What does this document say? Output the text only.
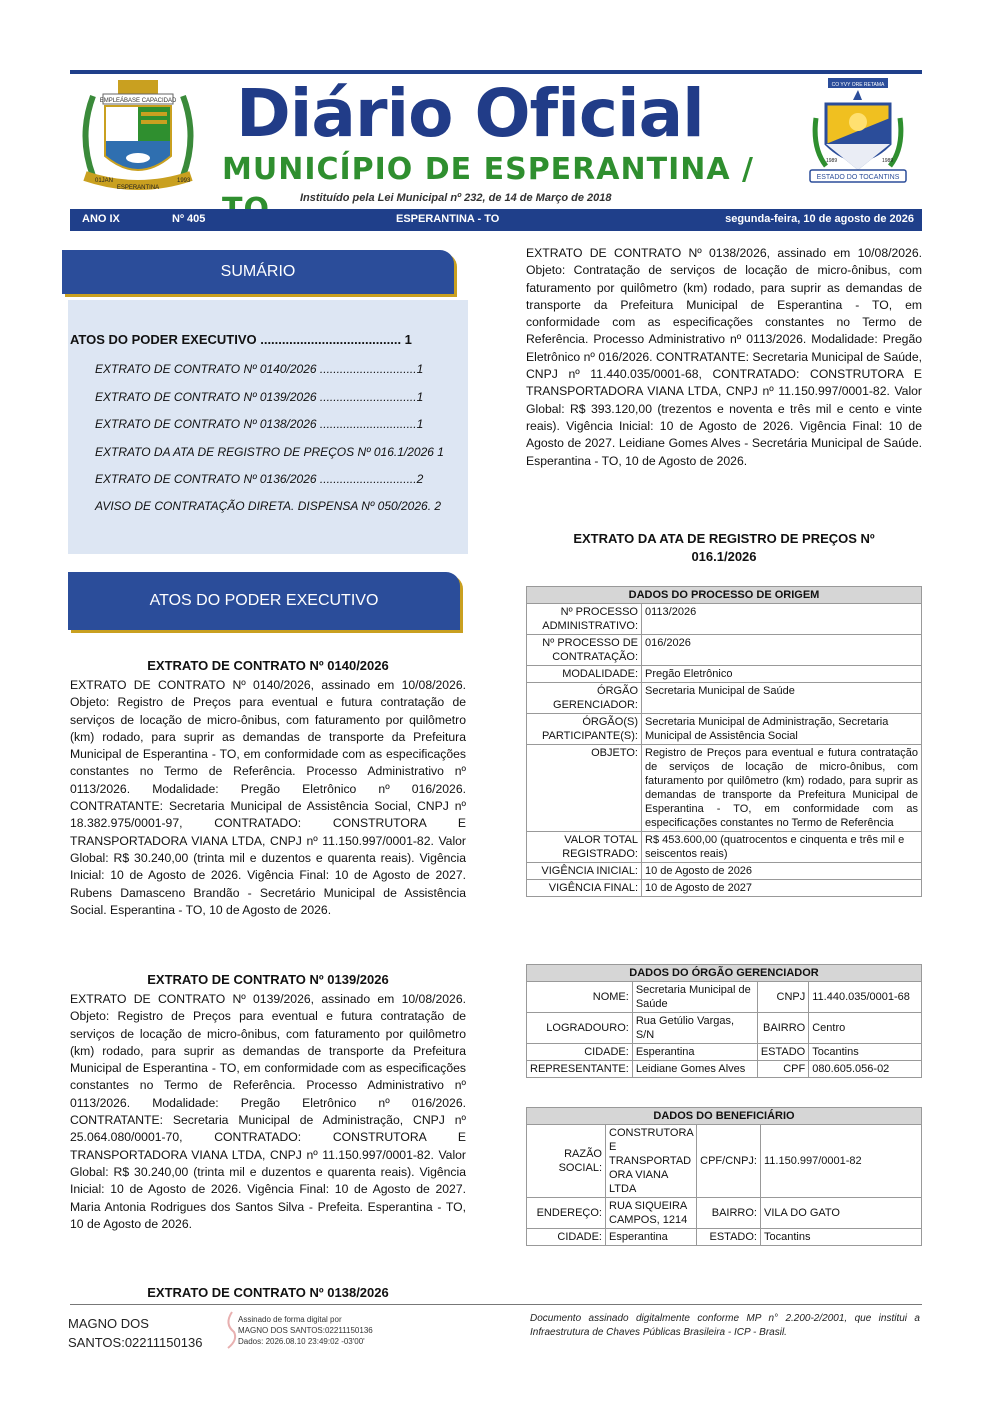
EMPLEÁBASE CAPACIDAD
01JAN
ESPERANTINA
1993
Diário Oficial
MUNICÍPIO DE ESPERANTINA /
Instituído pela Lei Municipal nº 232, de 14 de Março de 2018
CO YVY ORE RETAMA
1989	1989
ESTADO DO TOCANTINS
ANO IX	Nº 405	ESPERANTINA - TO	segunda-feira, 10 de agosto de 2026
SUMÁRIO
ATOS DO PODER EXECUTIVO ....................................... 1
EXTRATO DE CONTRATO Nº 0140/2026 .............................1
EXTRATO DE CONTRATO Nº 0139/2026 .............................1
EXTRATO DE CONTRATO Nº 0138/2026 .............................1
EXTRATO DA ATA DE REGISTRO DE PREÇOS Nº 016.1/2026 1
EXTRATO DE CONTRATO Nº 0136/2026 .............................2
AVISO DE CONTRATAÇÃO DIRETA. DISPENSA Nº 050/2026. 2
ATOS DO PODER EXECUTIVO
EXTRATO DE CONTRATO Nº 0140/2026
EXTRATO DE CONTRATO Nº 0140/2026, assinado em 10/08/2026. Objeto: Registro de Preços para eventual e futura contratação de serviços de locação de micro-ônibus, com faturamento por quilômetro (km) rodado, para suprir as demandas de transporte da Prefeitura Municipal de Esperantina - TO, em conformidade com as especificações constantes no Termo de Referência. Processo Administrativo nº 0113/2026. Modalidade: Pregão Eletrônico nº 016/2026. CONTRATANTE: Secretaria Municipal de Assistência Social, CNPJ nº 18.382.975/0001-97, CONTRATADO: CONSTRUTORA E TRANSPORTADORA VIANA LTDA, CNPJ nº 11.150.997/0001-82. Valor Global: R$ 30.240,00 (trinta mil e duzentos e quarenta reais). Vigência Inicial: 10 de Agosto de 2026. Vigência Final: 10 de Agosto de 2027. Rubens Damasceno Brandão - Secretário Municipal de Assistência Social. Esperantina - TO, 10 de Agosto de 2026.
EXTRATO DE CONTRATO Nº 0139/2026
EXTRATO DE CONTRATO Nº 0139/2026, assinado em 10/08/2026. Objeto: Registro de Preços para eventual e futura contratação de serviços de locação de micro-ônibus, com faturamento por quilômetro (km) rodado, para suprir as demandas de transporte da Prefeitura Municipal de Esperantina - TO, em conformidade com as especificações constantes no Termo de Referência. Processo Administrativo nº 0113/2026. Modalidade: Pregão Eletrônico nº 016/2026. CONTRATANTE: Secretaria Municipal de Administração, CNPJ nº 25.064.080/0001-70, CONTRATADO: CONSTRUTORA E TRANSPORTADORA VIANA LTDA, CNPJ nº 11.150.997/0001-82. Valor Global: R$ 30.240,00 (trinta mil e duzentos e quarenta reais). Vigência Inicial: 10 de Agosto de 2026. Vigência Final: 10 de Agosto de 2027. Maria Antonia Rodrigues dos Santos Silva - Prefeita. Esperantina - TO, 10 de Agosto de 2026.
EXTRATO DE CONTRATO Nº 0138/2026
EXTRATO DE CONTRATO Nº 0138/2026, assinado em 10/08/2026. Objeto: Contratação de serviços de locação de micro-ônibus, com faturamento por quilômetro (km) rodado, para suprir as demandas de transporte da Prefeitura Municipal de Esperantina - TO, em conformidade com as especificações constantes no Termo de Referência. Processo Administrativo nº 0113/2026. Modalidade: Pregão Eletrônico nº 016/2026. CONTRATANTE: Secretaria Municipal de Saúde, CNPJ nº 11.440.035/0001-68, CONTRATADO: CONSTRUTORA E TRANSPORTADORA VIANA LTDA, CNPJ nº 11.150.997/0001-82. Valor Global: R$ 393.120,00 (trezentos e noventa e três mil e cento e vinte reais). Vigência Inicial: 10 de Agosto de 2026. Vigência Final: 10 de Agosto de 2027. Leidiane Gomes Alves - Secretária Municipal de Saúde. Esperantina - TO, 10 de Agosto de 2026.
EXTRATO DA ATA DE REGISTRO DE PREÇOS Nº
016.1/2026
DADOS DO PROCESSO DE ORIGEM	
Nº PROCESSO ADMINISTRATIVO:	0113/2026
Nº PROCESSO DE CONTRATAÇÃO:	016/2026
MODALIDADE:	Pregão Eletrônico
ÓRGÃO GERENCIADOR:	Secretaria Municipal de Saúde
ÓRGÃO(S) PARTICIPANTE(S):	Secretaria Municipal de Administração, Secretaria Municipal de Assistência Social
OBJETO:	Registro de Preços para eventual e futura contratação de serviços de locação de micro-ônibus, com faturamento por quilômetro (km) rodado, para suprir as demandas de transporte da Prefeitura Municipal de Esperantina - TO, em conformidade com as especificações constantes no Termo de Referência
VALOR TOTAL REGISTRADO:	R$ 453.600,00 (quatrocentos e cinquenta e três mil e seiscentos reais)
VIGÊNCIA INICIAL:	10 de Agosto de 2026
VIGÊNCIA FINAL:	10 de Agosto de 2027
DADOS DO ÓRGÃO GERENCIADOR			
NOME:	Secretaria Municipal de Saúde	CNPJ	11.440.035/0001-68
LOGRADOURO:	Rua Getúlio Vargas, S/N	BAIRRO	Centro
CIDADE:	Esperantina	ESTADO	Tocantins
REPRESENTANTE:	Leidiane Gomes Alves	CPF	080.605.056-02
DADOS DO BENEFICIÁRIO			
RAZÃO SOCIAL:	CONSTRUTORA E TRANSPORTAD ORA VIANA LTDA	CPF/CNPJ:	11.150.997/0001-82
ENDEREÇO:	RUA SIQUEIRA CAMPOS, 1214	BAIRRO:	VILA DO GATO
CIDADE:	Esperantina	ESTADO:	Tocantins
MAGNO DOS SANTOS:02211150136
Assinado de forma digital por
MAGNO DOS SANTOS:02211150136
Dados: 2026.08.10 23:49:02 -03'00'
Documento assinado digitalmente conforme MP n° 2.200-2/2001, que institui a Infraestrutura de Chaves Públicas Brasileira - ICP - Brasil.
